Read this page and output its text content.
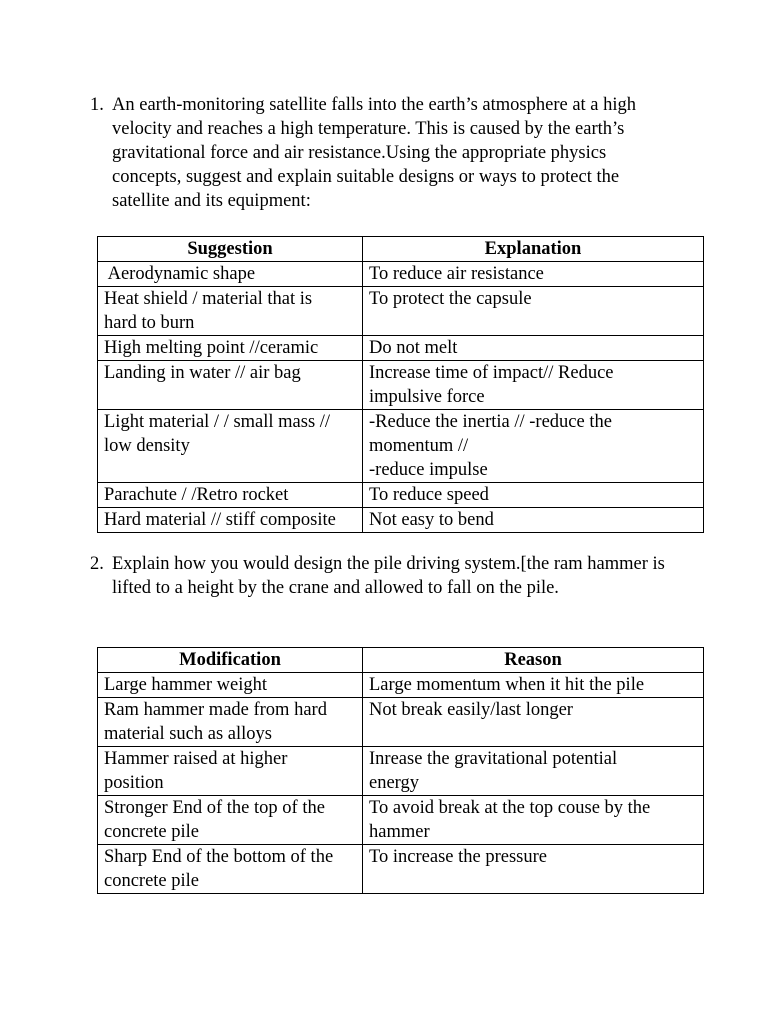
1. An earth-monitoring satellite falls into the earth’s atmosphere at a high velocity and reaches a high temperature. This is caused by the earth’s gravitational force and air resistance.Using the appropriate physics concepts, suggest and explain suitable designs or ways to protect the satellite and its equipment:
Suggestion	Explanation
Aerodynamic shape	To reduce air resistance
Heat shield / material that is
hard to burn	To protect the capsule
High melting point //ceramic	Do not melt
Landing in water // air bag	Increase time of impact// Reduce
impulsive force
Light material / / small mass //
low density	-Reduce the inertia // -reduce the
momentum //
-reduce impulse
Parachute / /Retro rocket	To reduce speed
Hard material // stiff composite	Not easy to bend
2. Explain how you would design the pile driving system.[the ram hammer is lifted to a height by the crane and allowed to fall on the pile.
Modification	Reason
Large hammer weight	Large momentum when it hit the pile
Ram hammer made from hard
material such as alloys	Not break easily/last longer
Hammer raised at higher
position	Inrease the gravitational potential
energy
Stronger End of the top of the
concrete pile	To avoid break at the top couse by the
hammer
Sharp End of the bottom of the
concrete pile	To increase the pressure
